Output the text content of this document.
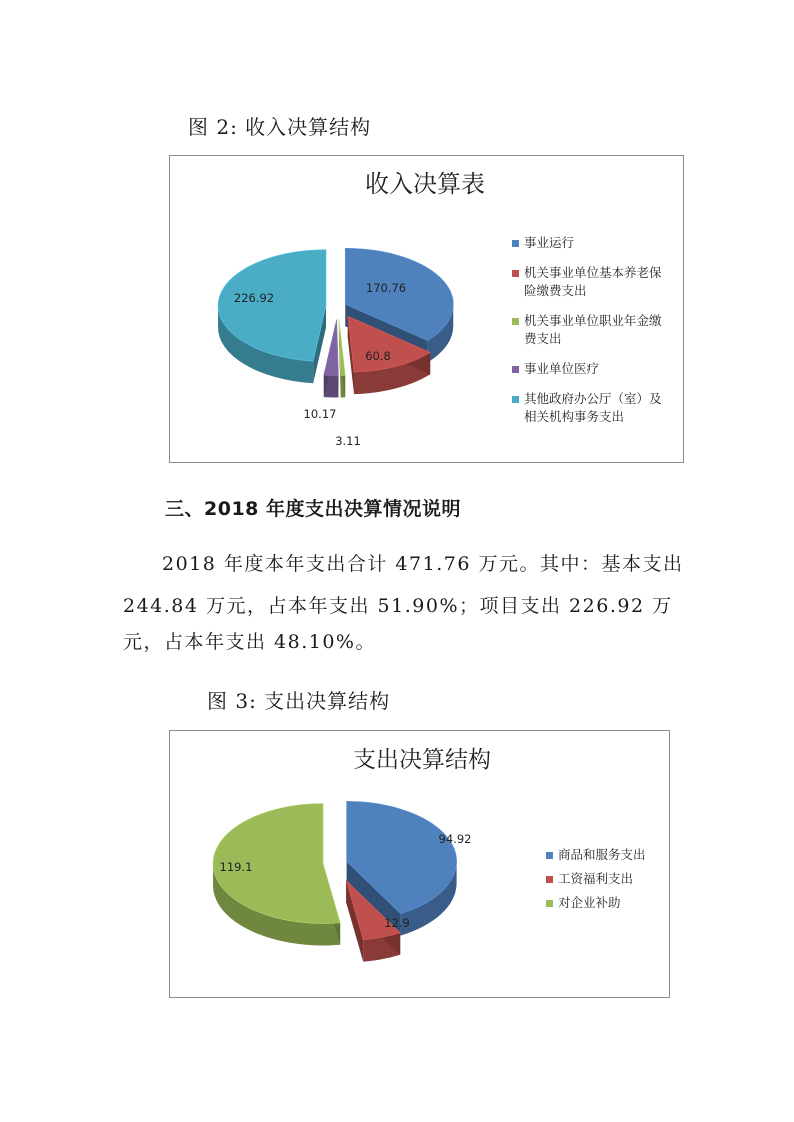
图 2: 收入决算结构
收入决算表
170.76
60.8
3.11
10.17
226.92
事业运行
机关事业单位基本养老保
险缴费支出
机关事业单位职业年金缴
费支出
事业单位医疗
其他政府办公厅（室）及
相关机构事务支出
三、2018 年度支出决算情况说明
2018 年度本年支出合计 471.76 万元。其中：基本支出
244.84 万元，占本年支出 51.90%；项目支出 226.92 万
元，占本年支出 48.10%。
图 3: 支出决算结构
支出决算结构
94.92
12.9
119.1
商品和服务支出
工资福利支出
对企业补助
